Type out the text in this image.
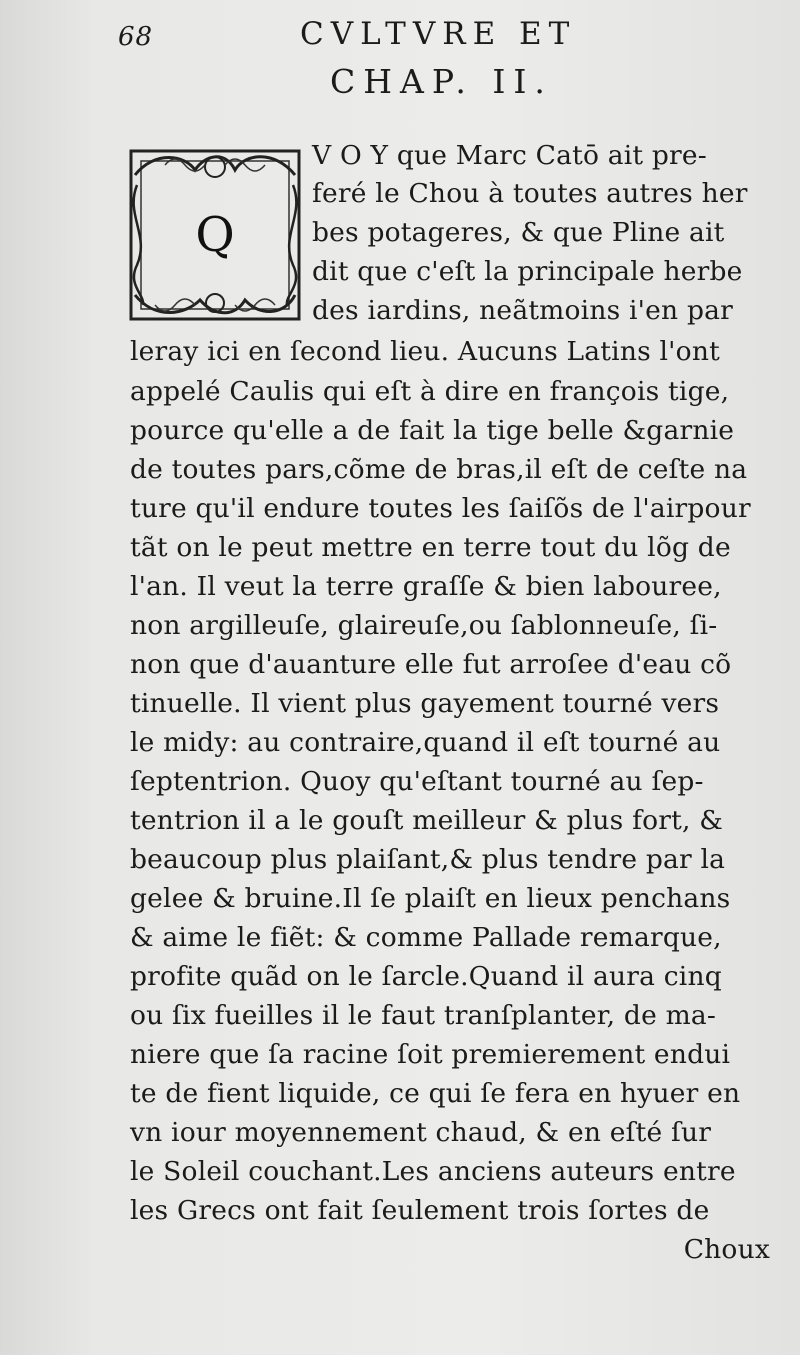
68	CVLTVRE ET
CHAP. II.
Q
V O Y que Marc Catō ait pre-
feré le Chou à toutes autres her
bes potageres, & que Pline ait
dit que c'eſt la principale herbe
des iardins, neãtmoins i'en par
leray ici en ſecond lieu. Aucuns Latins l'ont
appelé Caulis qui eſt à dire en françois tige,
pource qu'elle a de fait la tige belle &garnie
de toutes pars,cõme de bras,il eſt de ceſte na
ture qu'il endure toutes les ſaiſõs de l'airpour
tãt on le peut mettre en terre tout du lõg de
l'an. Il veut la terre graſſe & bien labouree,
non argilleuſe, glaireuſe,ou ſablonneuſe, ſi-
non que d'auanture elle fut arroſee d'eau cõ
tinuelle. Il vient plus gayement tourné vers
le midy: au contraire,quand il eſt tourné au
ſeptentrion. Quoy qu'eſtant tourné au ſep-
tentrion il a le gouſt meilleur & plus fort, &
beaucoup plus plaiſant,& plus tendre par la
gelee & bruine.Il ſe plaiſt en lieux penchans
& aime le fiẽt: & comme Pallade remarque,
profite quãd on le ſarcle.Quand il aura cinq
ou ſix fueilles il le faut tranſplanter, de ma-
niere que ſa racine ſoit premierement endui
te de fient liquide, ce qui ſe fera en hyuer en
vn iour moyennement chaud, & en eſté ſur
le Soleil couchant.Les anciens auteurs entre
les Grecs ont fait ſeulement trois ſortes de
Choux
